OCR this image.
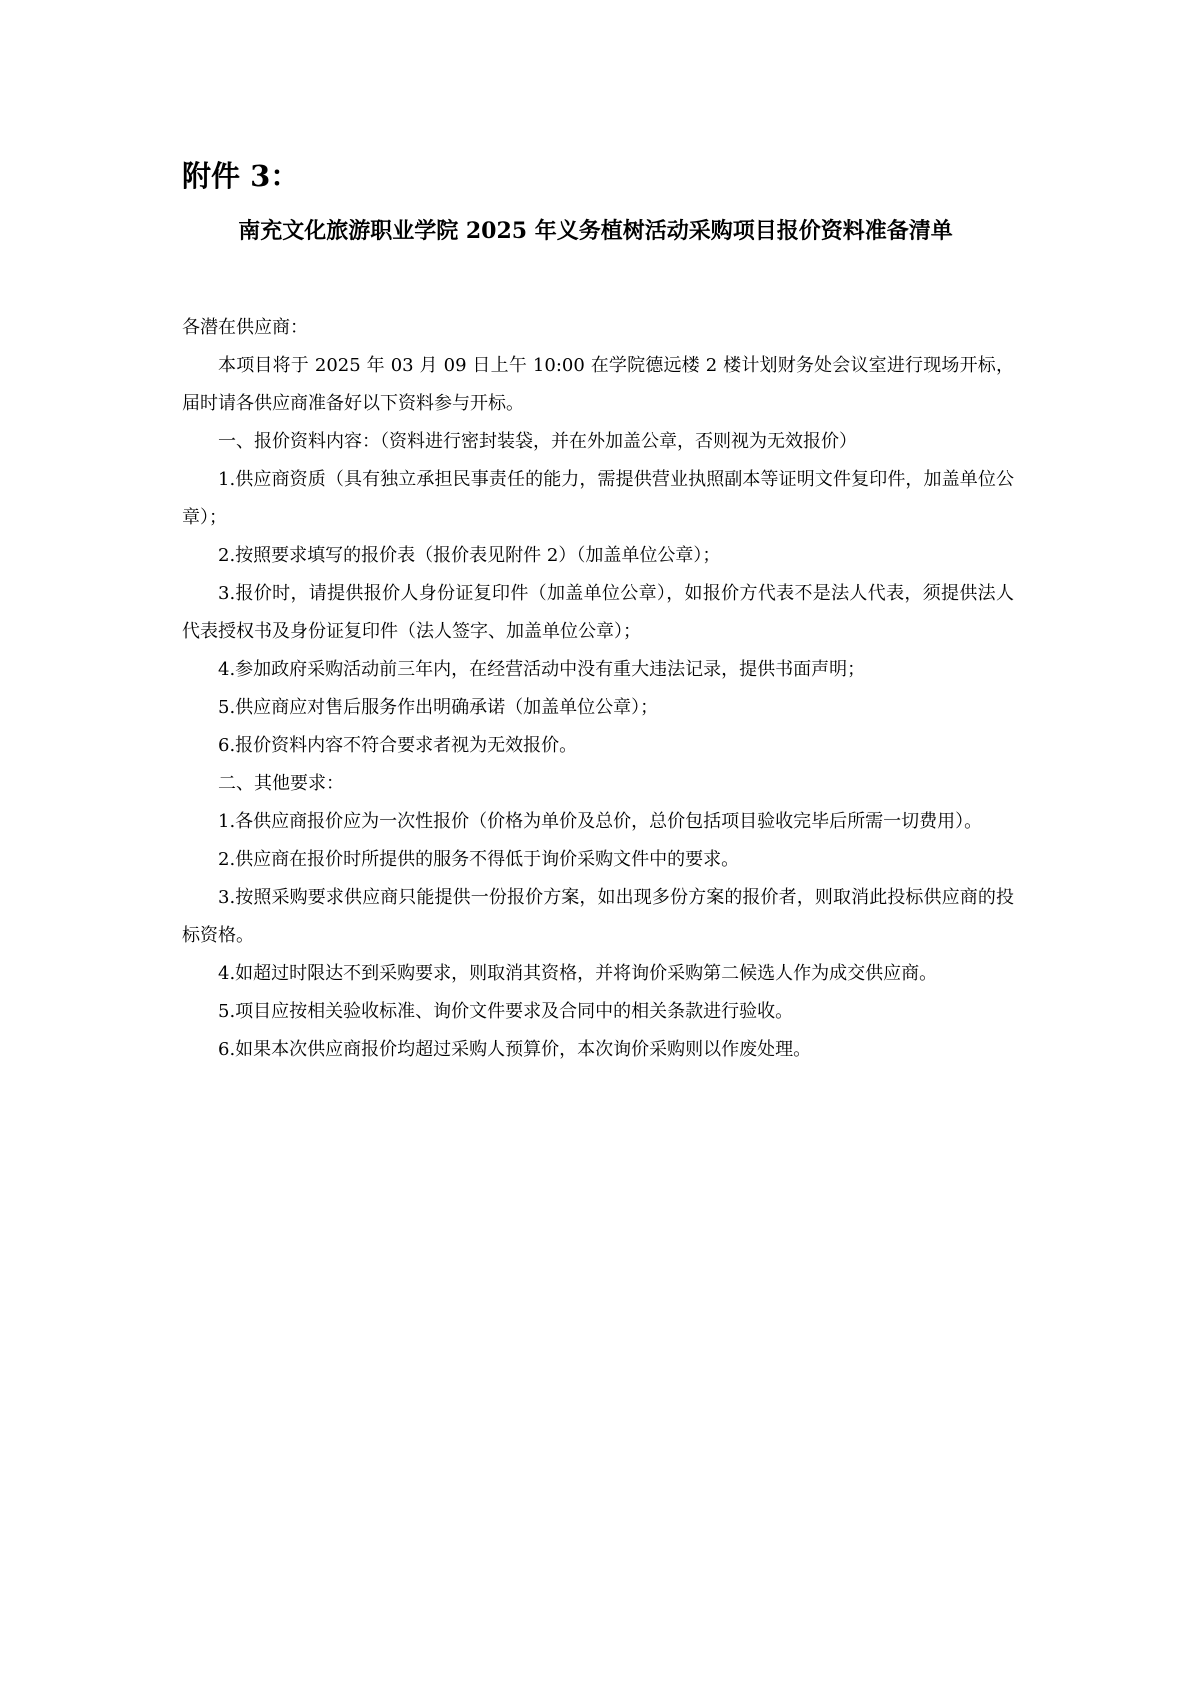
附件 3：
南充文化旅游职业学院 2025 年义务植树活动采购项目报价资料准备清单

各潜在供应商：

本项目将于 2025 年 03 月 09 日上午 10:00 在学院德远楼 2 楼计划财务处会议室进行现场开标，届时请各供应商准备好以下资料参与开标。

一、报价资料内容：（资料进行密封装袋，并在外加盖公章，否则视为无效报价）

1.供应商资质（具有独立承担民事责任的能力，需提供营业执照副本等证明文件复印件，加盖单位公章）；

2.按照要求填写的报价表（报价表见附件 2）（加盖单位公章）；

3.报价时，请提供报价人身份证复印件（加盖单位公章），如报价方代表不是法人代表，须提供法人代表授权书及身份证复印件（法人签字、加盖单位公章）；

4.参加政府采购活动前三年内，在经营活动中没有重大违法记录，提供书面声明；

5.供应商应对售后服务作出明确承诺（加盖单位公章）；

6.报价资料内容不符合要求者视为无效报价。

二、其他要求：

1.各供应商报价应为一次性报价（价格为单价及总价，总价包括项目验收完毕后所需一切费用）。

2.供应商在报价时所提供的服务不得低于询价采购文件中的要求。

3.按照采购要求供应商只能提供一份报价方案，如出现多份方案的报价者，则取消此投标供应商的投标资格。

4.如超过时限达不到采购要求，则取消其资格，并将询价采购第二候选人作为成交供应商。

5.项目应按相关验收标准、询价文件要求及合同中的相关条款进行验收。

6.如果本次供应商报价均超过采购人预算价，本次询价采购则以作废处理。
